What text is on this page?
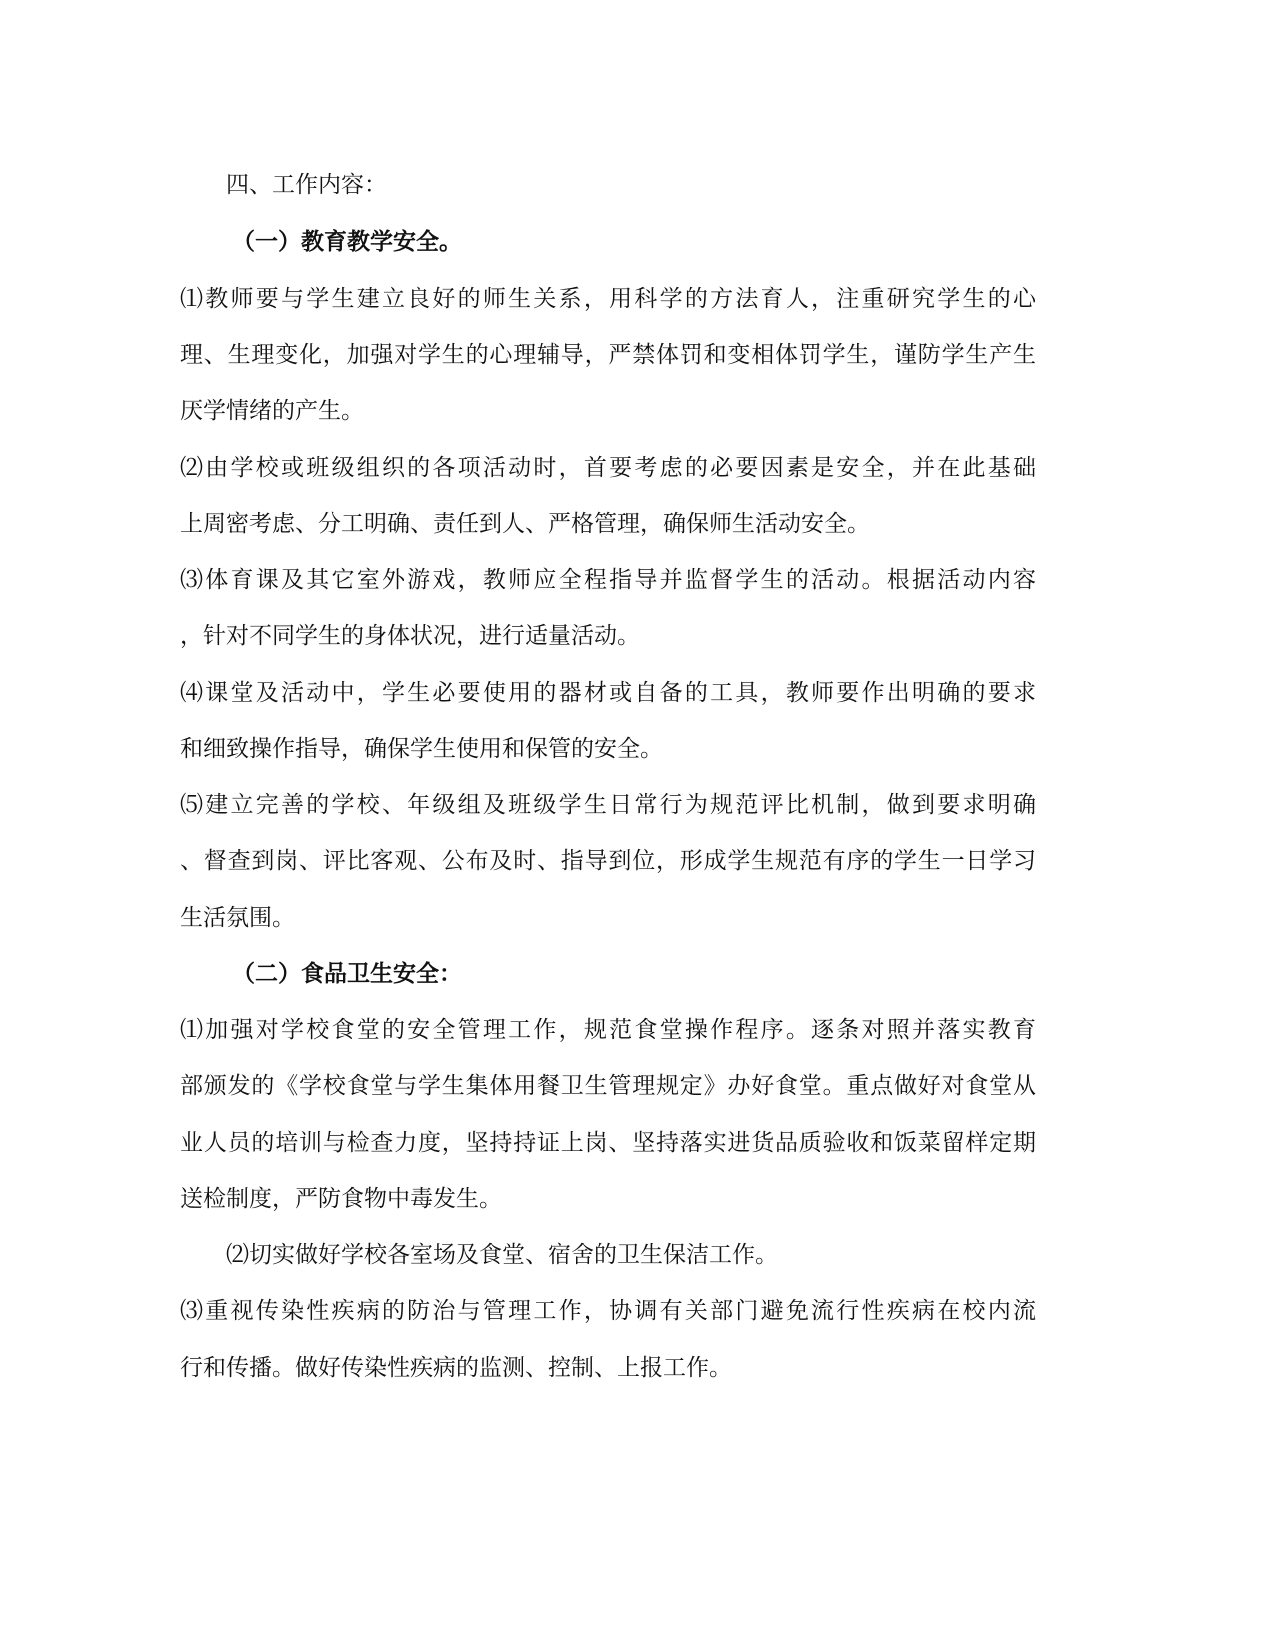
四、工作内容：
（一）教育教学安全。
⑴教师要与学生建立良好的师生关系，用科学的方法育人，注重研究学生的心
理、生理变化，加强对学生的心理辅导，严禁体罚和变相体罚学生，谨防学生产生
厌学情绪的产生。
⑵由学校或班级组织的各项活动时，首要考虑的必要因素是安全，并在此基础
上周密考虑、分工明确、责任到人、严格管理，确保师生活动安全。
⑶体育课及其它室外游戏，教师应全程指导并监督学生的活动。根据活动内容
，针对不同学生的身体状况，进行适量活动。
⑷课堂及活动中，学生必要使用的器材或自备的工具，教师要作出明确的要求
和细致操作指导，确保学生使用和保管的安全。
⑸建立完善的学校、年级组及班级学生日常行为规范评比机制，做到要求明确
、督查到岗、评比客观、公布及时、指导到位，形成学生规范有序的学生一日学习
生活氛围。
（二）食品卫生安全：
⑴加强对学校食堂的安全管理工作，规范食堂操作程序。逐条对照并落实教育
部颁发的《学校食堂与学生集体用餐卫生管理规定》办好食堂。重点做好对食堂从
业人员的培训与检查力度，坚持持证上岗、坚持落实进货品质验收和饭菜留样定期
送检制度，严防食物中毒发生。
⑵切实做好学校各室场及食堂、宿舍的卫生保洁工作。
⑶重视传染性疾病的防治与管理工作，协调有关部门避免流行性疾病在校内流
行和传播。做好传染性疾病的监测、控制、上报工作。
